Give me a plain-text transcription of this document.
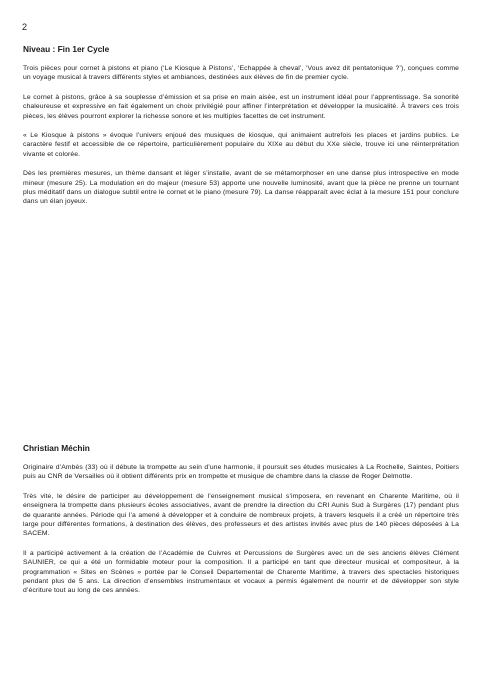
2
Niveau : Fin 1er Cycle

Trois pièces pour cornet à pistons et piano (‘Le Kiosque à Pistons’, ‘Echappée à cheval’, ‘Vous avez dit pentatonique ?’), conçues comme un voyage musical à travers différents styles et ambiances, destinées aux élèves de fin de premier cycle.

Le cornet à pistons, grâce à sa souplesse d’émission et sa prise en main aisée, est un instrument idéal pour l’apprentissage. Sa sonorité chaleureuse et expressive en fait également un choix privilégié pour affiner l’interprétation et développer la musicalité. À travers ces trois pièces, les élèves pourront explorer la richesse sonore et les multiples facettes de cet instrument.

« Le Kiosque à pistons » évoque l’univers enjoué des musiques de kiosque, qui animaient autrefois les places et jardins publics. Le caractère festif et accessible de ce répertoire, particulièrement populaire du XIXe au début du XXe siècle, trouve ici une réinterprétation vivante et colorée.

Dès les premières mesures, un thème dansant et léger s’installe, avant de se métamorphoser en une danse plus introspective en mode mineur (mesure 25). La modulation en do majeur (mesure 53) apporte une nouvelle luminosité, avant que la pièce ne prenne un tournant plus méditatif dans un dialogue subtil entre le cornet et le piano (mesure 79). La danse réapparaît avec éclat à la mesure 151 pour conclure dans un élan joyeux.

Christian Méchin

Originaire d’Ambès (33) où il débute la trompette au sein d’une harmonie, il poursuit ses études musicales à La Rochelle, Saintes, Poitiers puis au CNR de Versailles où il obtient différents prix en trompette et musique de chambre dans la classe de Roger Delmotte.

Très vite, le désire de participer au développement de l’enseignement musical s’imposera, en revenant en Charente Maritime, où il enseignera la trompette dans plusieurs écoles associatives, avant de prendre la direction du CRI Aunis Sud à Surgères (17) pendant plus de quarante années. Période qui l’a amené à développer et à conduire de nombreux projets, à travers lesquels il a créé un répertoire très large pour différentes formations, à destination des élèves, des professeurs et des artistes invités avec plus de 140 pièces déposées à La SACEM.

Il a participé activement à la création de l’Académie de Cuivres et Percussions de Surgères avec un de ses anciens élèves Clément SAUNIER, ce qui a été un formidable moteur pour la composition. Il a participé en tant que directeur musical et compositeur, à la programmation « Sites en Scènes » portée par le Conseil Departemental de Charente Maritime, à travers des spectacles historiques pendant plus de 5 ans. La direction d’ensembles instrumentaux et vocaux a permis également de nourrir et de développer son style d’écriture tout au long de ces années.
